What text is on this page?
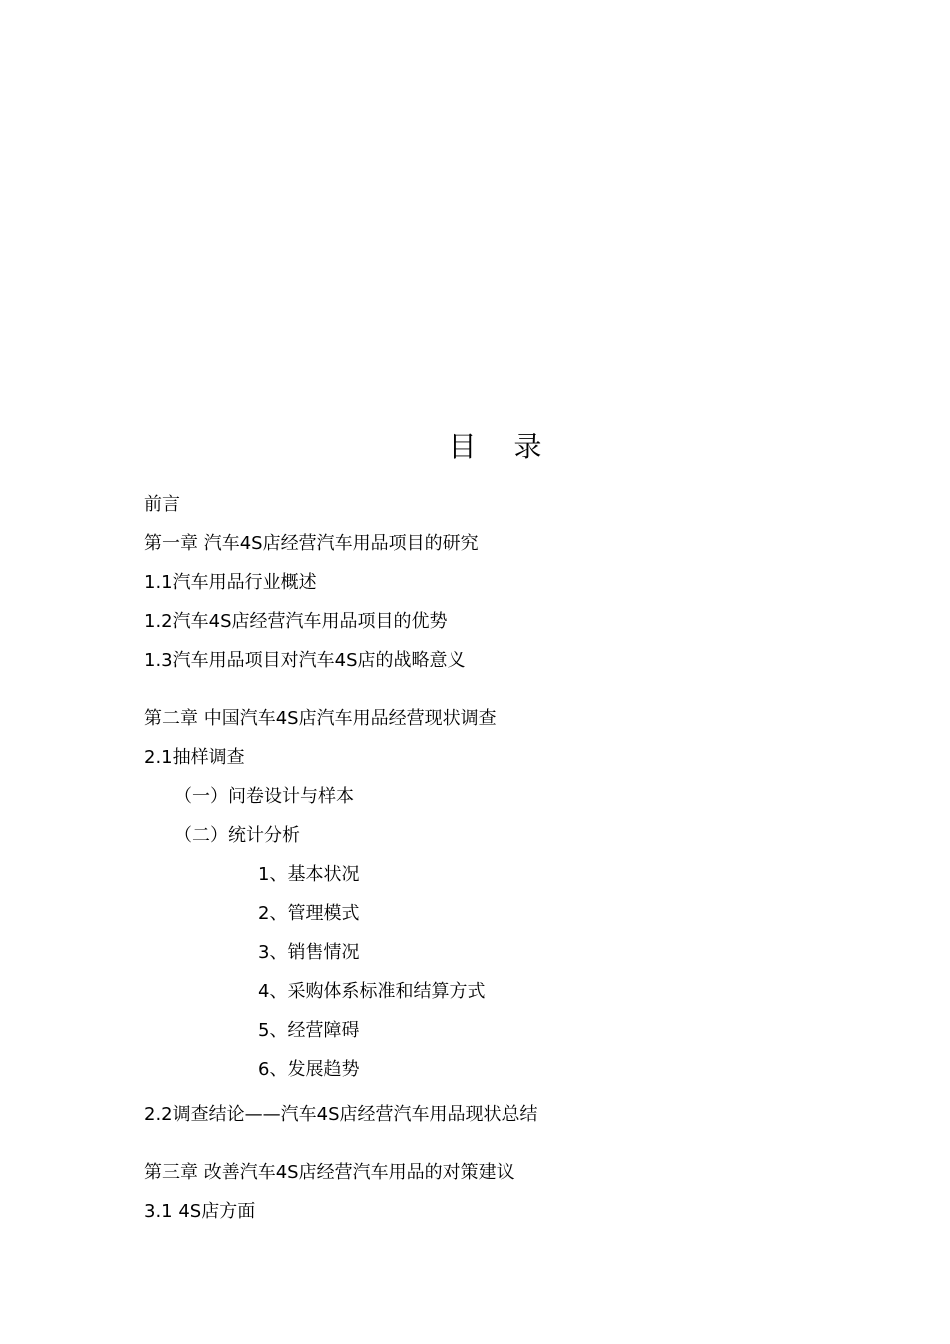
目 录
前言
第一章 汽车4S店经营汽车用品项目的研究
1.1汽车用品行业概述
1.2汽车4S店经营汽车用品项目的优势
1.3汽车用品项目对汽车4S店的战略意义
第二章 中国汽车4S店汽车用品经营现状调查
2.1抽样调查
（一）问卷设计与样本
（二）统计分析
1、基本状况
2、管理模式
3、销售情况
4、采购体系标准和结算方式
5、经营障碍
6、发展趋势
2.2调查结论——汽车4S店经营汽车用品现状总结
第三章 改善汽车4S店经营汽车用品的对策建议
3.1 4S店方面
